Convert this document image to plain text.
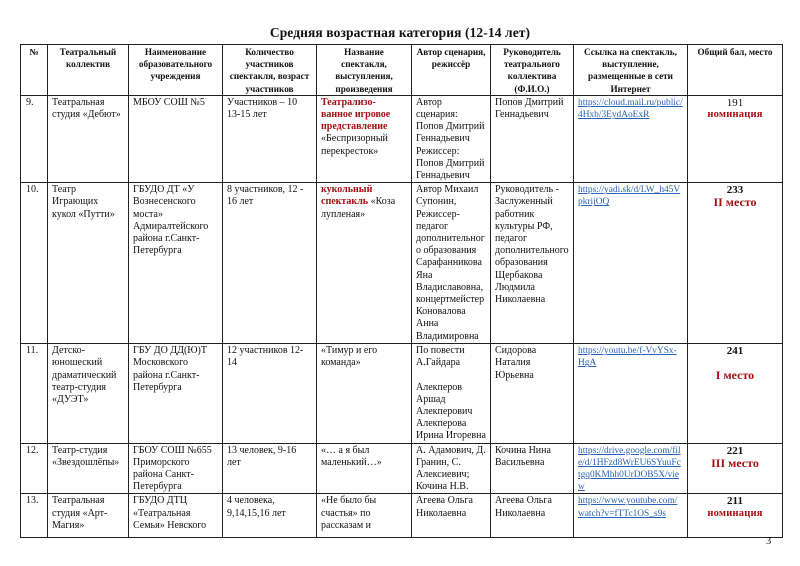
Средняя возрастная категория (12-14 лет)
№	Театральный коллектив	Наименование образовательного учреждения	Количество участников спектакля, возраст участников	Название спектакля, выступления, произведения	Автор сценария, режиссёр	Руководитель театрального коллектива (Ф.И.О.)	Ссылка на спектакль, выступление, размещенные в сети Интернет	Общий бал, место
9.	Театральная студия «Дебют»	МБОУ СОШ №5	Участников – 10 13-15 лет	Театрализо-ванное игровое представление «Беспризорный перекресток»	Автор сценария: Попов Дмитрий Геннадьевич Режиссер: Попов Дмитрий Геннадьевич	Попов Дмитрий Геннадьевич	https://cloud.mail.ru/public/4Hxb/3EydAoExR	191
номинация

10.	Театр Играющих кукол «Путти»	ГБУДО ДТ «У Вознесенского моста» Адмиралтейского района г.Санкт-Петербурга	8 участников, 12 - 16 лет	кукольный спектакль «Коза лупленая»	Автор Михаил Супонин, Режиссер-педагог дополнительного образования Сарафанникова Яна Владиславовна, концертмейстер Коновалова Анна Владимировна	Руководитель - Заслуженный работник культуры РФ, педагог дополнительного образования Щербакова Людмила Николаевна	https://yadi.sk/d/LW_h45VpkrijOQ	233
II место

11.	Детско-юношеский драматический театр-студия «ДУЭТ»	ГБУ ДО ДД(Ю)Т Московского района г.Санкт-Петербурга	12 участников 12-14	«Тимур и его команда»	По повести А.Гайдара
Алекперов Аршад Алекперович Алекперова Ирина Игоревна	Сидорова Наталия Юрьевна	https://youtu.be/f-VvYSx-HgA	241
I место

12.	Театр-студия «Звездошлёпы»	ГБОУ СОШ №655 Приморского района Санкт-Петербурга	13 человек, 9-16 лет	«… а я был маленький…»	А. Адамович, Д. Гранин, С. Алексиевич; Кочина Н.В.	Кочина Нина Васильевна	https://drive.google.com/file/d/1HFzd8WrEU6SYuuFctgq0KMhh0UrDOB5X/view	221
III место

13.	Театральная студия «Арт-Магия»	ГБУДО ДТЦ «Театральная Семья» Невского	4 человека, 9,14,15,16 лет	«Не было бы счастья» по рассказам и	Агеева Ольга Николаевна	Агеева Ольга Николаевна	https://www.youtube.com/watch?v=fTTc1OS_s9s	211
номинация
3
